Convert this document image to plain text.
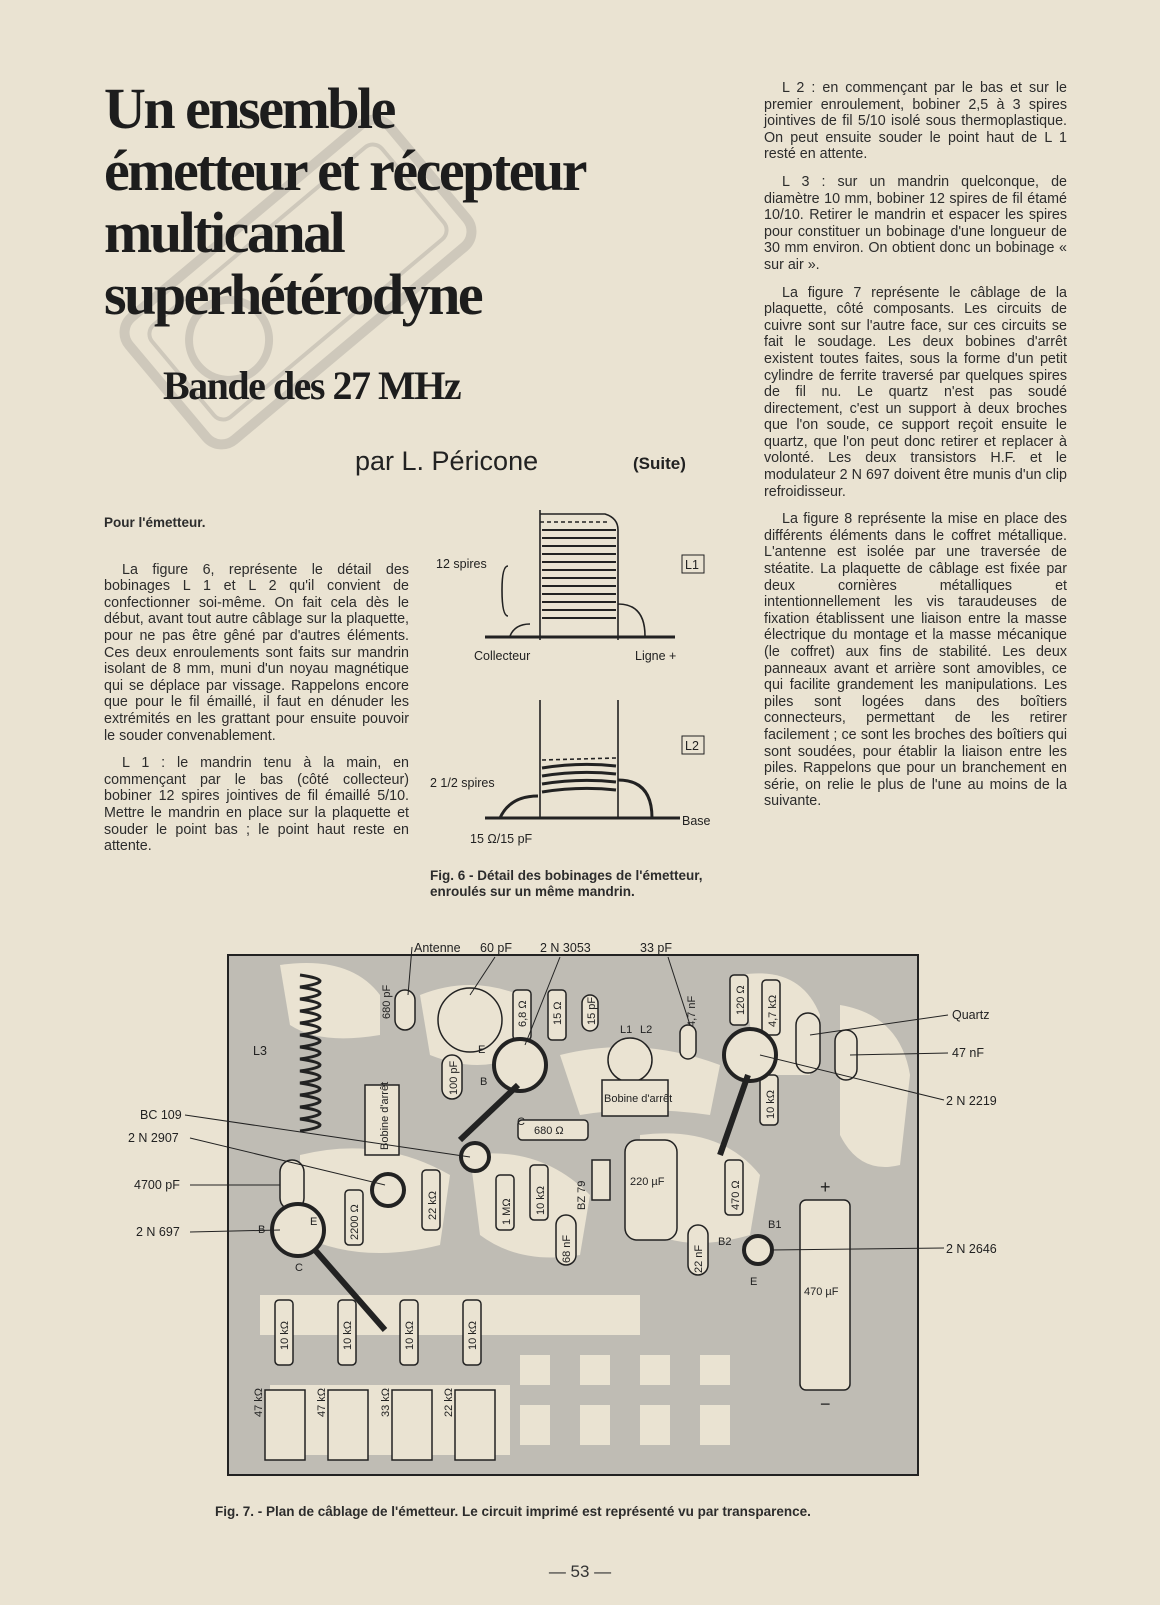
Un ensemble
émetteur et récepteur
multicanal
superhétérodyne
Bande des 27 MHz
par L. Péricone	(Suite)
Pour l'émetteur.

La figure 6, représente le détail des bobinages L 1 et L 2 qu'il convient de confectionner soi-même. On fait cela dès le début, avant tout autre câblage sur la plaquette, pour ne pas être gêné par d'autres éléments. Ces deux enroulements sont faits sur mandrin isolant de 8 mm, muni d'un noyau magnétique qui se déplace par vissage. Rappelons encore que pour le fil émaillé, il faut en dénuder les extrémités en les grattant pour ensuite pouvoir le souder convenablement.

L 1 : le mandrin tenu à la main, en commençant par le bas (côté collecteur) bobiner 12 spires jointives de fil émaillé 5/10. Mettre le mandrin en place sur la plaquette et souder le point bas ; le point haut reste en attente.

L 2 : en commençant par le bas et sur le premier enroulement, bobiner 2,5 à 3 spires jointives de fil 5/10 isolé sous thermoplastique. On peut ensuite souder le point haut de L 1 resté en attente.

L 3 : sur un mandrin quelconque, de diamètre 10 mm, bobiner 12 spires de fil étamé 10/10. Retirer le mandrin et espacer les spires pour constituer un bobinage d'une longueur de 30 mm environ. On obtient donc un bobinage « sur air ».

La figure 7 représente le câblage de la plaquette, côté composants. Les circuits de cuivre sont sur l'autre face, sur ces circuits se fait le soudage. Les deux bobines d'arrêt existent toutes faites, sous la forme d'un petit cylindre de ferrite traversé par quelques spires de fil nu. Le quartz n'est pas soudé directement, c'est un support à deux broches que l'on soude, ce support reçoit ensuite le quartz, que l'on peut donc retirer et replacer à volonté. Les deux transistors H.F. et le modulateur 2 N 697 doivent être munis d'un clip refroidisseur.

La figure 8 représente la mise en place des différents éléments dans le coffret métallique. L'antenne est isolée par une traversée de stéatite. La plaquette de câblage est fixée par deux cornières métalliques et intentionnellement les vis taraudeuses de fixation établissent une liaison entre la masse électrique du montage et la masse mécanique (le coffret) aux fins de stabilité. Les deux panneaux avant et arrière sont amovibles, ce qui facilite grandement les manipulations. Les piles sont logées dans des boîtiers connecteurs, permettant de les retirer facilement ; ce sont les broches des boîtiers qui sont soudées, pour établir la liaison entre les piles. Rappelons que pour un branchement en série, on relie le plus de l'une au moins de la suivante.

12 spires	L1
Collecteur	Ligne +
L2
2 1/2 spires
Base
15 Ω/15 pF
Fig. 6 - Détail des bobinages de l'émetteur, enroulés sur un même mandrin.
L3
680 pF	6,8 Ω 15 Ω 15 pF
L1 L2
4,7 nF	120 Ω 4,7 kΩ
100 pF
Bobine d'arrêt	Bobine d'arrêt
680 Ω
10 kΩ
2200 Ω	22 kΩ	1 MΩ 10 kΩ	BZ 79	220 µF
68 nF	22 nF
470 Ω
B1
B2
E
470 µF
+
−
E
B
C
E
B
C
10 kΩ	10 kΩ	10 kΩ	10 kΩ
47 kΩ	47 kΩ	33 kΩ	22 kΩ
Antenne 60 pF 2 N 3053	33 pF
BC 109
2 N 2907
4700 pF
2 N 697
Quartz
47 nF
2 N 2219
2 N 2646
Fig. 7. - Plan de câblage de l'émetteur. Le circuit imprimé est représenté vu par transparence.
— 53 —
